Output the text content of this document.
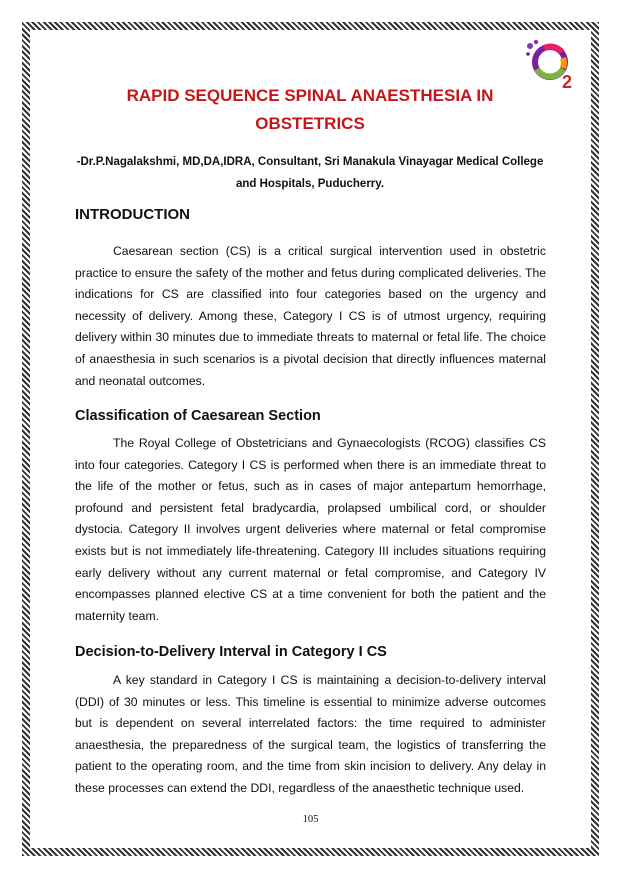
2

RAPID SEQUENCE SPINAL ANAESTHESIA IN

OBSTETRICS

-Dr.P.Nagalakshmi, MD,DA,IDRA, Consultant, Sri Manakula Vinayagar Medical College
and Hospitals, Puducherry.

INTRODUCTION

Caesarean section (CS) is a critical surgical intervention used in obstetric practice to ensure the safety of the mother and fetus during complicated deliveries. The indications for CS are classified into four categories based on the urgency and necessity of delivery. Among these, Category I CS is of utmost urgency, requiring delivery within 30 minutes due to immediate threats to maternal or fetal life. The choice of anaesthesia in such scenarios is a pivotal decision that directly influences maternal and neonatal outcomes.

Classification of Caesarean Section

The Royal College of Obstetricians and Gynaecologists (RCOG) classifies CS into four categories. Category I CS is performed when there is an immediate threat to the life of the mother or fetus, such as in cases of major antepartum hemorrhage, profound and persistent fetal bradycardia, prolapsed umbilical cord, or shoulder dystocia. Category II involves urgent deliveries where maternal or fetal compromise exists but is not immediately life-threatening. Category III includes situations requiring early delivery without any current maternal or fetal compromise, and Category IV encompasses planned elective CS at a time convenient for both the patient and the maternity team.

Decision-to-Delivery Interval in Category I CS

A key standard in Category I CS is maintaining a decision-to-delivery interval (DDI) of 30 minutes or less. This timeline is essential to minimize adverse outcomes but is dependent on several interrelated factors: the time required to administer anaesthesia, the preparedness of the surgical team, the logistics of transferring the patient to the operating room, and the time from skin incision to delivery. Any delay in these processes can extend the DDI, regardless of the anaesthetic technique used.

105
